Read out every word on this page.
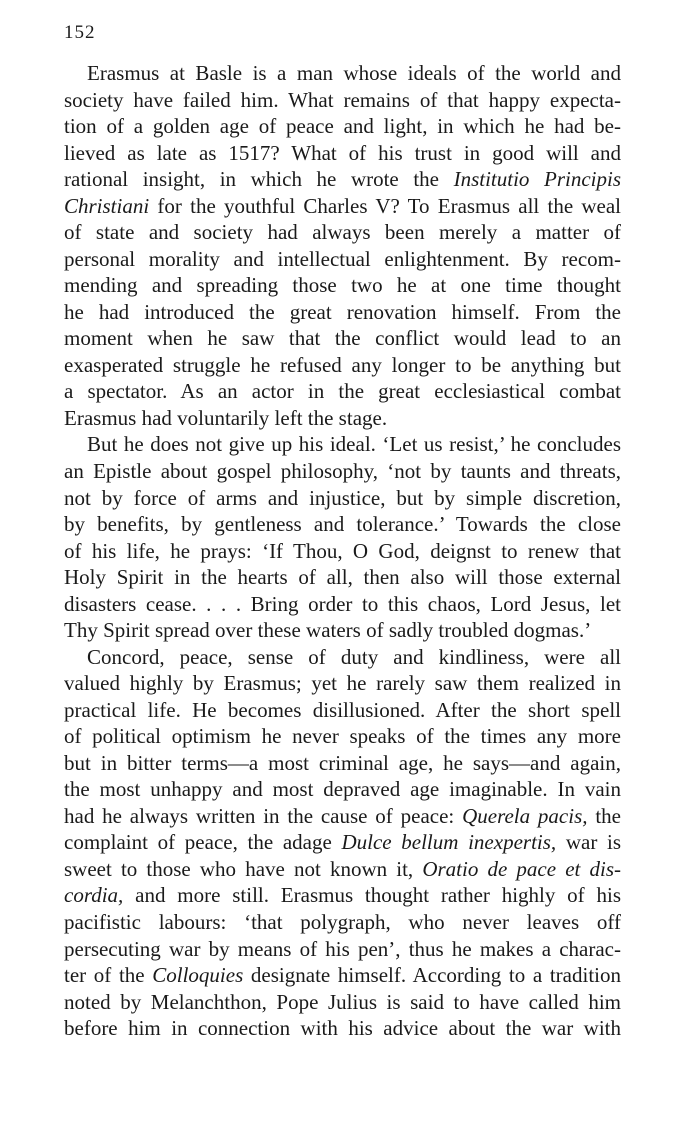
152
Erasmus at Basle is a man whose ideals of the world and
society have failed him. What remains of that happy expecta-
tion of a golden age of peace and light, in which he had be-
lieved as late as 1517? What of his trust in good will and
rational insight, in which he wrote the Institutio Principis
Christiani for the youthful Charles V? To Erasmus all the weal
of state and society had always been merely a matter of
personal morality and intellectual enlightenment. By recom-
mending and spreading those two he at one time thought
he had introduced the great renovation himself. From the
moment when he saw that the conflict would lead to an
exasperated struggle he refused any longer to be anything but
a spectator. As an actor in the great ecclesiastical combat
Erasmus had voluntarily left the stage.
But he does not give up his ideal. ‘Let us resist,’ he concludes
an Epistle about gospel philosophy, ‘not by taunts and threats,
not by force of arms and injustice, but by simple discretion,
by benefits, by gentleness and tolerance.’ Towards the close
of his life, he prays: ‘If Thou, O God, deignst to renew that
Holy Spirit in the hearts of all, then also will those external
disasters cease. . . . Bring order to this chaos, Lord Jesus, let
Thy Spirit spread over these waters of sadly troubled dogmas.’
Concord, peace, sense of duty and kindliness, were all
valued highly by Erasmus; yet he rarely saw them realized in
practical life. He becomes disillusioned. After the short spell
of political optimism he never speaks of the times any more
but in bitter terms—a most criminal age, he says—and again,
the most unhappy and most depraved age imaginable. In vain
had he always written in the cause of peace: Querela pacis, the
complaint of peace, the adage Dulce bellum inexpertis, war is
sweet to those who have not known it, Oratio de pace et dis-
cordia, and more still. Erasmus thought rather highly of his
pacifistic labours: ‘that polygraph, who never leaves off
persecuting war by means of his pen’, thus he makes a charac-
ter of the Colloquies designate himself. According to a tradition
noted by Melanchthon, Pope Julius is said to have called him
before him in connection with his advice about the war with
